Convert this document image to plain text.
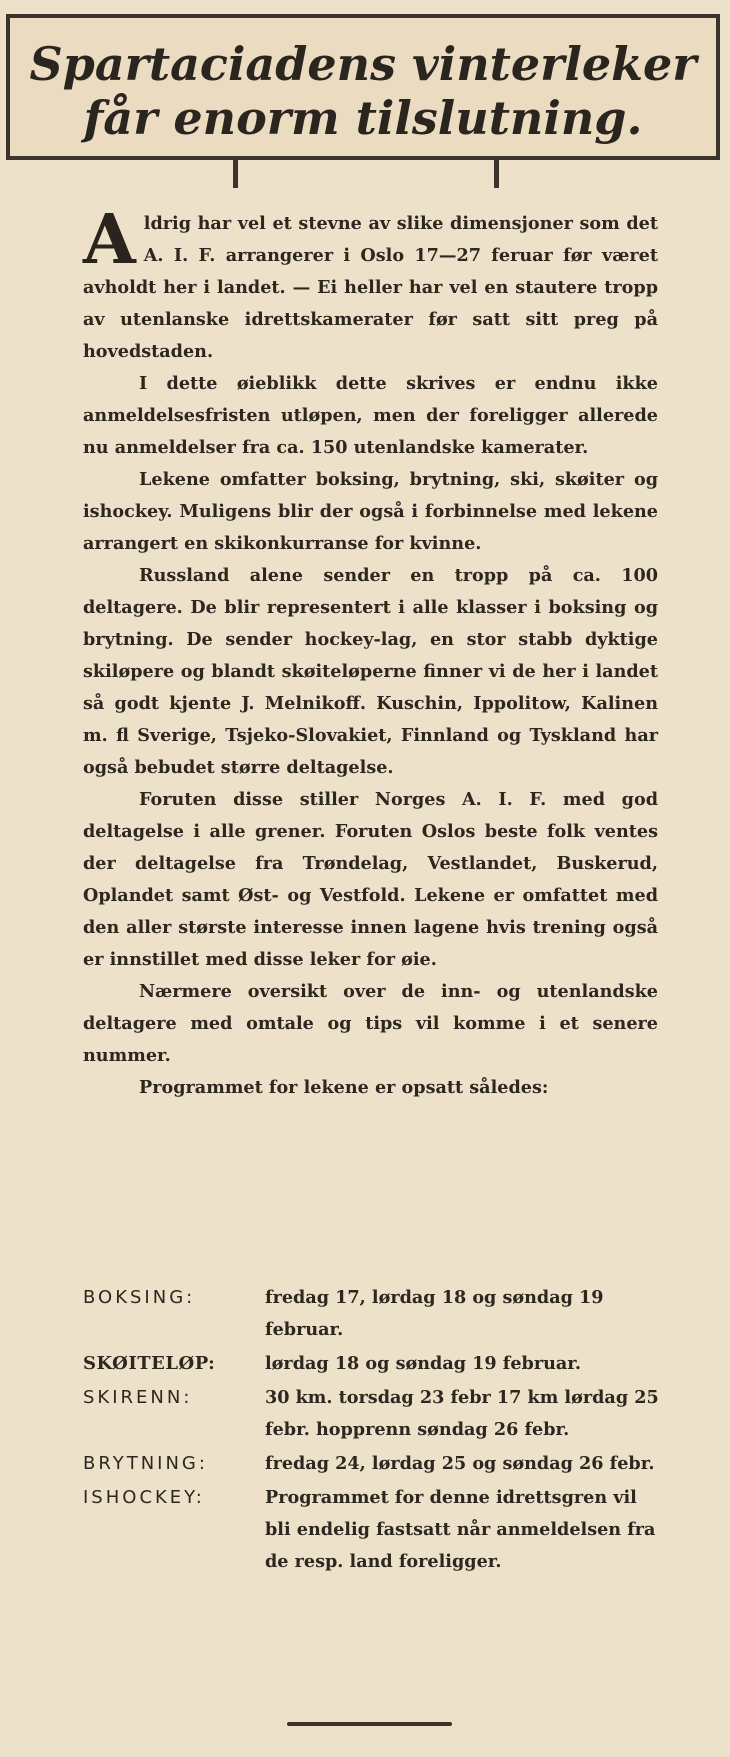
Spartaciadens vinterleker
får enorm tilslutning.

Aldrig har vel et stevne av slike dimensjoner som det A. I. F. arrangerer i Oslo 17—27 feruar før været avholdt her i landet. — Ei heller har vel en stautere tropp av utenlanske idrettskamerater før satt sitt preg på hovedstaden.

I dette øieblikk dette skrives er endnu ikke anmeldelsesfristen utløpen, men der foreligger allerede nu anmeldelser fra ca. 150 utenlandske kamerater.

Lekene omfatter boksing, brytning, ski, skøiter og ishockey. Muligens blir der også i forbinnelse med lekene arrangert en skikonkurranse for kvinne.

Russland alene sender en tropp på ca. 100 deltagere. De blir representert i alle klasser i boksing og brytning. De sender hockey-lag, en stor stabb dyktige skiløpere og blandt skøiteløperne finner vi de her i landet så godt kjente J. Melnikoff. Kuschin, Ippolitow, Kalinen m. fl Sverige, Tsjeko-Slovakiet, Finnland og Tyskland har også bebudet større deltagelse.

Foruten disse stiller Norges A. I. F. med god deltagelse i alle grener. Foruten Oslos beste folk ventes der deltagelse fra Trøndelag, Vestlandet, Buskerud, Oplandet samt Øst- og Vestfold. Lekene er omfattet med den aller største interesse innen lagene hvis trening også er innstillet med disse leker for øie.

Nærmere oversikt over de inn- og utenlandske deltagere med omtale og tips vil komme i et senere nummer.

Programmet for lekene er opsatt således:

BOKSING:	fredag 17, lørdag 18 og søndag 19 februar.
SKØITELØP:	lørdag 18 og søndag 19 februar.
SKIRENN:	30 km. torsdag 23 febr 17 km lørdag 25 febr. hopprenn søndag 26 febr.
BRYTNING:	fredag 24, lørdag 25 og søndag 26 febr.
ISHOCKEY:	Programmet for denne idrettsgren vil bli endelig fastsatt når anmeldelsen fra de resp. land foreligger.
